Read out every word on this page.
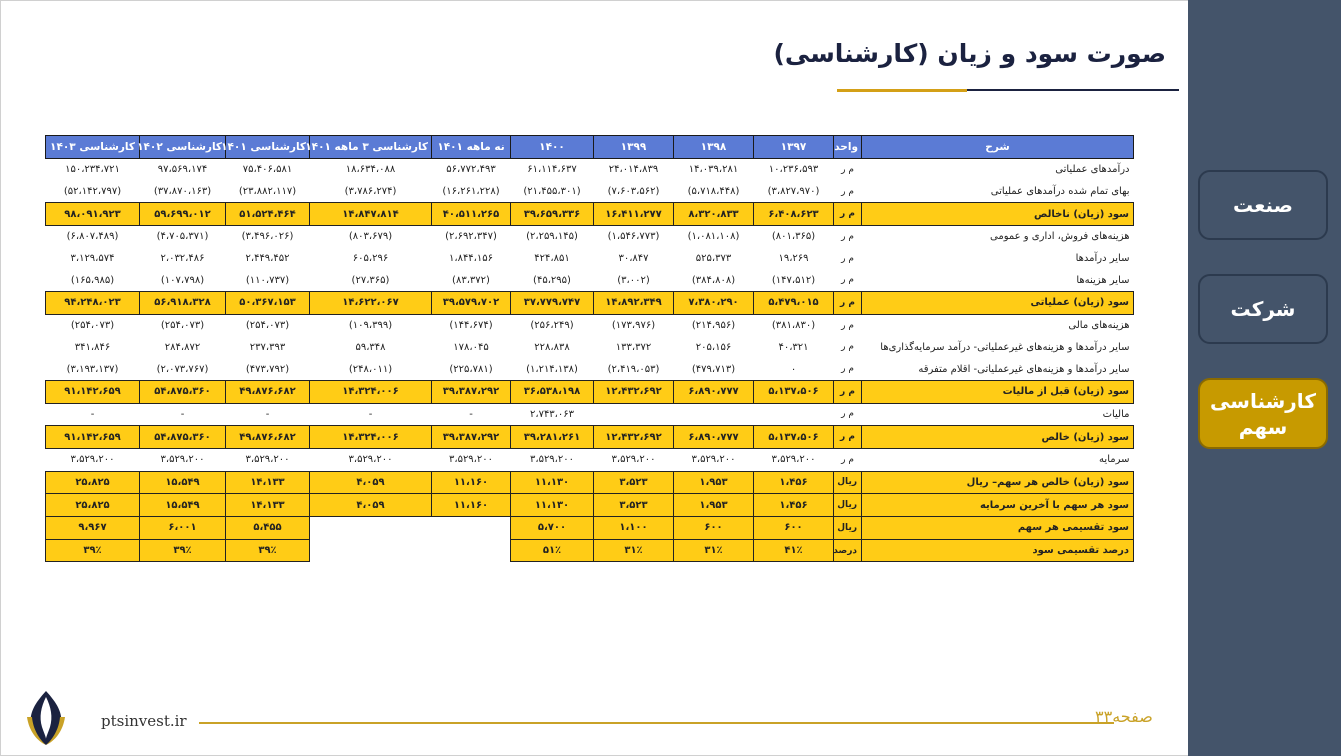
صورت سود و زیان (کارشناسی)
شرح	واحد	۱۳۹۷	۱۳۹۸	۱۳۹۹	۱۴۰۰	نه ماهه ۱۴۰۱	کارشناسی ۳ ماهه ۱۴۰۱	کارشناسی ۱۴۰۱	کارشناسی ۱۴۰۲	کارشناسی ۱۴۰۳
درآمدهای عملیاتی	م ر	۱۰،۲۳۶،۵۹۳	۱۴،۰۳۹،۲۸۱	۲۴،۰۱۴،۸۳۹	۶۱،۱۱۴،۶۳۷	۵۶،۷۷۲،۴۹۳	۱۸،۶۳۴،۰۸۸	۷۵،۴۰۶،۵۸۱	۹۷،۵۶۹،۱۷۴	۱۵۰،۲۳۴،۷۲۱
بهای تمام شده درآمدهای عملیاتی	م ر	(۳،۸۲۷،۹۷۰)	(۵،۷۱۸،۴۴۸)	(۷،۶۰۳،۵۶۲)	(۲۱،۴۵۵،۳۰۱)	(۱۶،۲۶۱،۲۲۸)	(۳،۷۸۶،۲۷۴)	(۲۳،۸۸۲،۱۱۷)	(۳۷،۸۷۰،۱۶۳)	(۵۲،۱۴۲،۷۹۷)
سود (زیان) ناخالص	م ر	۶،۴۰۸،۶۲۳	۸،۳۲۰،۸۳۳	۱۶،۴۱۱،۲۷۷	۳۹،۶۵۹،۳۳۶	۴۰،۵۱۱،۲۶۵	۱۴،۸۴۷،۸۱۴	۵۱،۵۲۴،۴۶۴	۵۹،۶۹۹،۰۱۲	۹۸،۰۹۱،۹۲۳
هزینه‌های فروش، اداری و عمومی	م ر	(۸۰۱،۳۶۵)	(۱،۰۸۱،۱۰۸)	(۱،۵۴۶،۷۷۳)	(۲،۲۵۹،۱۴۵)	(۲،۶۹۲،۳۴۷)	(۸۰۳،۶۷۹)	(۳،۴۹۶،۰۲۶)	(۴،۷۰۵،۳۷۱)	(۶،۸۰۷،۴۸۹)
سایر درآمدها	م ر	۱۹،۲۶۹	۵۲۵،۳۷۳	۳۰،۸۴۷	۴۲۴،۸۵۱	۱،۸۴۴،۱۵۶	۶۰۵،۲۹۶	۲،۴۴۹،۴۵۲	۲،۰۳۲،۴۸۶	۳،۱۲۹،۵۷۴
سایر هزینه‌ها	م ر	(۱۴۷،۵۱۲)	(۳۸۴،۸۰۸)	(۳،۰۰۲)	(۴۵،۲۹۵)	(۸۳،۳۷۲)	(۲۷،۳۶۵)	(۱۱۰،۷۳۷)	(۱۰۷،۷۹۸)	(۱۶۵،۹۸۵)
سود (زیان) عملیاتی	م ر	۵،۴۷۹،۰۱۵	۷،۳۸۰،۲۹۰	۱۴،۸۹۲،۳۴۹	۳۷،۷۷۹،۷۴۷	۳۹،۵۷۹،۷۰۲	۱۴،۶۲۲،۰۶۷	۵۰،۳۶۷،۱۵۳	۵۶،۹۱۸،۳۲۸	۹۴،۲۴۸،۰۲۳
هزینه‌های مالی	م ر	(۳۸۱،۸۳۰)	(۲۱۴،۹۵۶)	(۱۷۳،۹۷۶)	(۲۵۶،۲۴۹)	(۱۴۴،۶۷۴)	(۱۰۹،۳۹۹)	(۲۵۴،۰۷۳)	(۲۵۴،۰۷۳)	(۲۵۴،۰۷۳)
سایر درآمدها و هزینه‌های غیرعملیاتی- درآمد سرمایه‌گذاری‌ها	م ر	۴۰،۳۲۱	۲۰۵،۱۵۶	۱۳۳،۳۷۲	۲۲۸،۸۳۸	۱۷۸،۰۴۵	۵۹،۳۴۸	۲۳۷،۳۹۳	۲۸۴،۸۷۲	۳۴۱،۸۴۶
سایر درآمدها و هزینه‌های غیرعملیاتی- اقلام متفرقه	م ر	۰	(۴۷۹،۷۱۳)	(۲،۴۱۹،۰۵۳)	(۱،۲۱۴،۱۳۸)	(۲۲۵،۷۸۱)	(۲۴۸،۰۱۱)	(۴۷۳،۷۹۲)	(۲،۰۷۳،۷۶۷)	(۳،۱۹۳،۱۳۷)
سود (زیان) قبل از مالیات	م ر	۵،۱۳۷،۵۰۶	۶،۸۹۰،۷۷۷	۱۲،۴۳۲،۶۹۲	۳۶،۵۳۸،۱۹۸	۳۹،۳۸۷،۲۹۲	۱۴،۳۲۴،۰۰۶	۴۹،۸۷۶،۶۸۲	۵۴،۸۷۵،۳۶۰	۹۱،۱۴۲،۶۵۹
مالیات	م ر				۲،۷۴۳،۰۶۳	-	-	-	-	-
سود (زیان) خالص	م ر	۵،۱۳۷،۵۰۶	۶،۸۹۰،۷۷۷	۱۲،۴۳۲،۶۹۲	۳۹،۲۸۱،۲۶۱	۳۹،۳۸۷،۲۹۲	۱۴،۳۲۴،۰۰۶	۴۹،۸۷۶،۶۸۲	۵۴،۸۷۵،۳۶۰	۹۱،۱۴۲،۶۵۹
سرمایه	م ر	۳،۵۲۹،۲۰۰	۳،۵۲۹،۲۰۰	۳،۵۲۹،۲۰۰	۳،۵۲۹،۲۰۰	۳،۵۲۹،۲۰۰	۳،۵۲۹،۲۰۰	۳،۵۲۹،۲۰۰	۳،۵۲۹،۲۰۰	۳،۵۲۹،۲۰۰
سود (زیان) خالص هر سهم– ریال	ریال	۱،۴۵۶	۱،۹۵۳	۳،۵۲۳	۱۱،۱۳۰	۱۱،۱۶۰	۴،۰۵۹	۱۴،۱۳۳	۱۵،۵۴۹	۲۵،۸۲۵
سود هر سهم با آخرین سرمایه	ریال	۱،۴۵۶	۱،۹۵۳	۳،۵۲۳	۱۱،۱۳۰	۱۱،۱۶۰	۴،۰۵۹	۱۴،۱۳۳	۱۵،۵۴۹	۲۵،۸۲۵
سود تقسیمی هر سهم	ریال	۶۰۰	۶۰۰	۱،۱۰۰	۵،۷۰۰			۵،۴۵۵	۶،۰۰۱	۹،۹۶۷
درصد تقسیمی سود	درصد	۴۱٪	۳۱٪	۳۱٪	۵۱٪			۳۹٪	۳۹٪	۳۹٪
ptsinvest.ir	صفحه۳۳
صنعت
شرکت
کارشناسی سهم
